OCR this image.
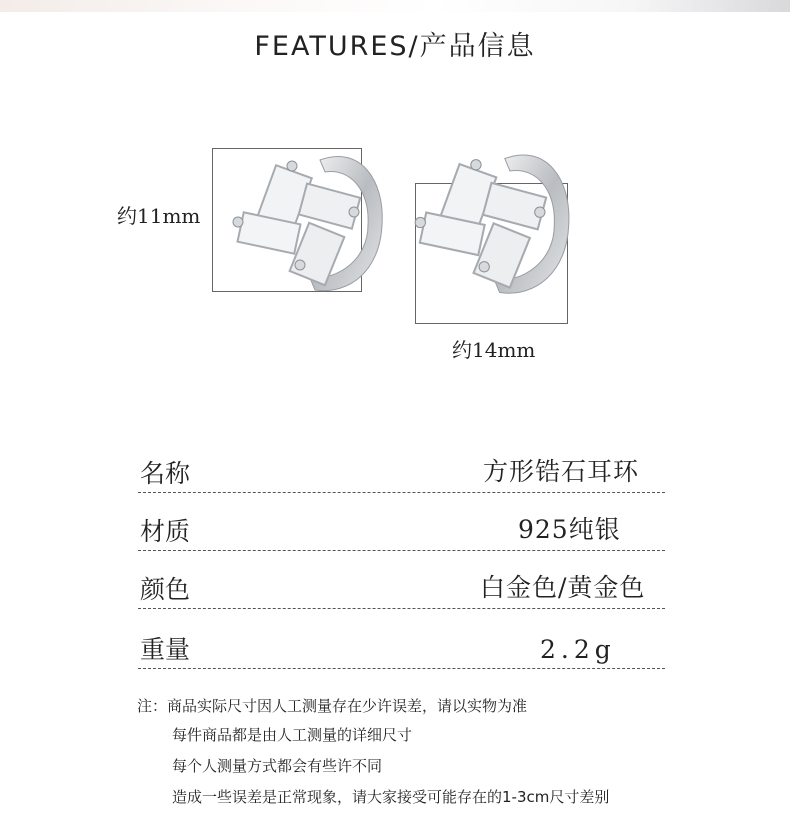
FEATURES/产品信息
约11mm
约14mm
名称	方形锆石耳环
材质	925纯银
颜色	白金色/黄金色
重量	2.2g
注：商品实际尺寸因人工测量存在少许误差，请以实物为准
每件商品都是由人工测量的详细尺寸
每个人测量方式都会有些许不同
造成一些误差是正常现象，请大家接受可能存在的1-3cm尺寸差别
